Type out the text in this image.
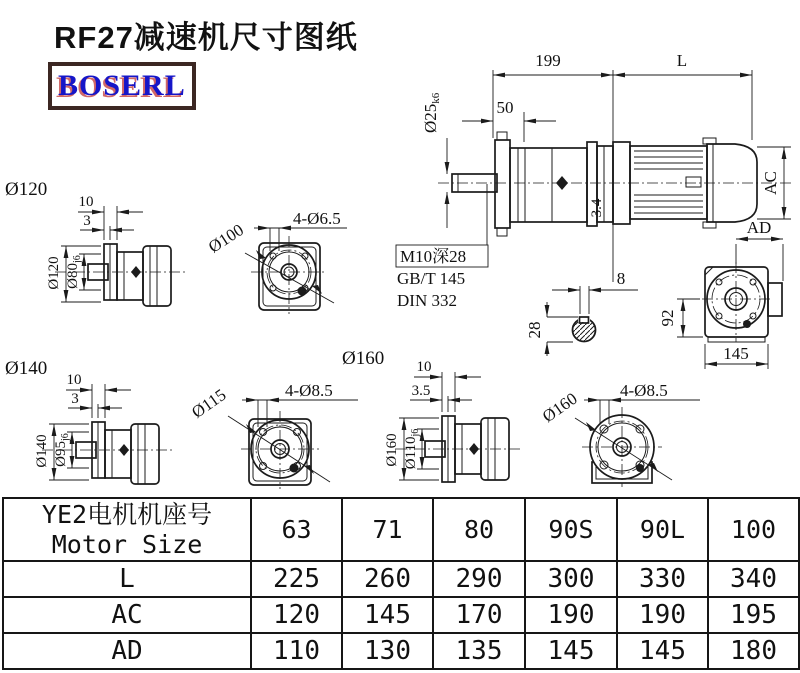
199	L
50
Ø25k6
AC
3.4
M10深28
GB/T 145
DIN 332
8
28
AD
92
145
Ø120
Ø120 $Ø80_{j6}$
10
3	4-Ø6.5
Ø100
Ø140
Ø140 $Ø95_{j6}$
10
3	4-Ø8.5
Ø115
Ø160
Ø160 $Ø110_{j6}$
10
3.5	4-Ø8.5
Ø160
RF27减速机尺寸图纸
BOSERL
YE2电机机座号
Motor Size	63	71	80	90S	90L	100
L	225	260	290	300	330	340
AC	120	145	170	190	190	195
AD	110	130	135	145	145	180
